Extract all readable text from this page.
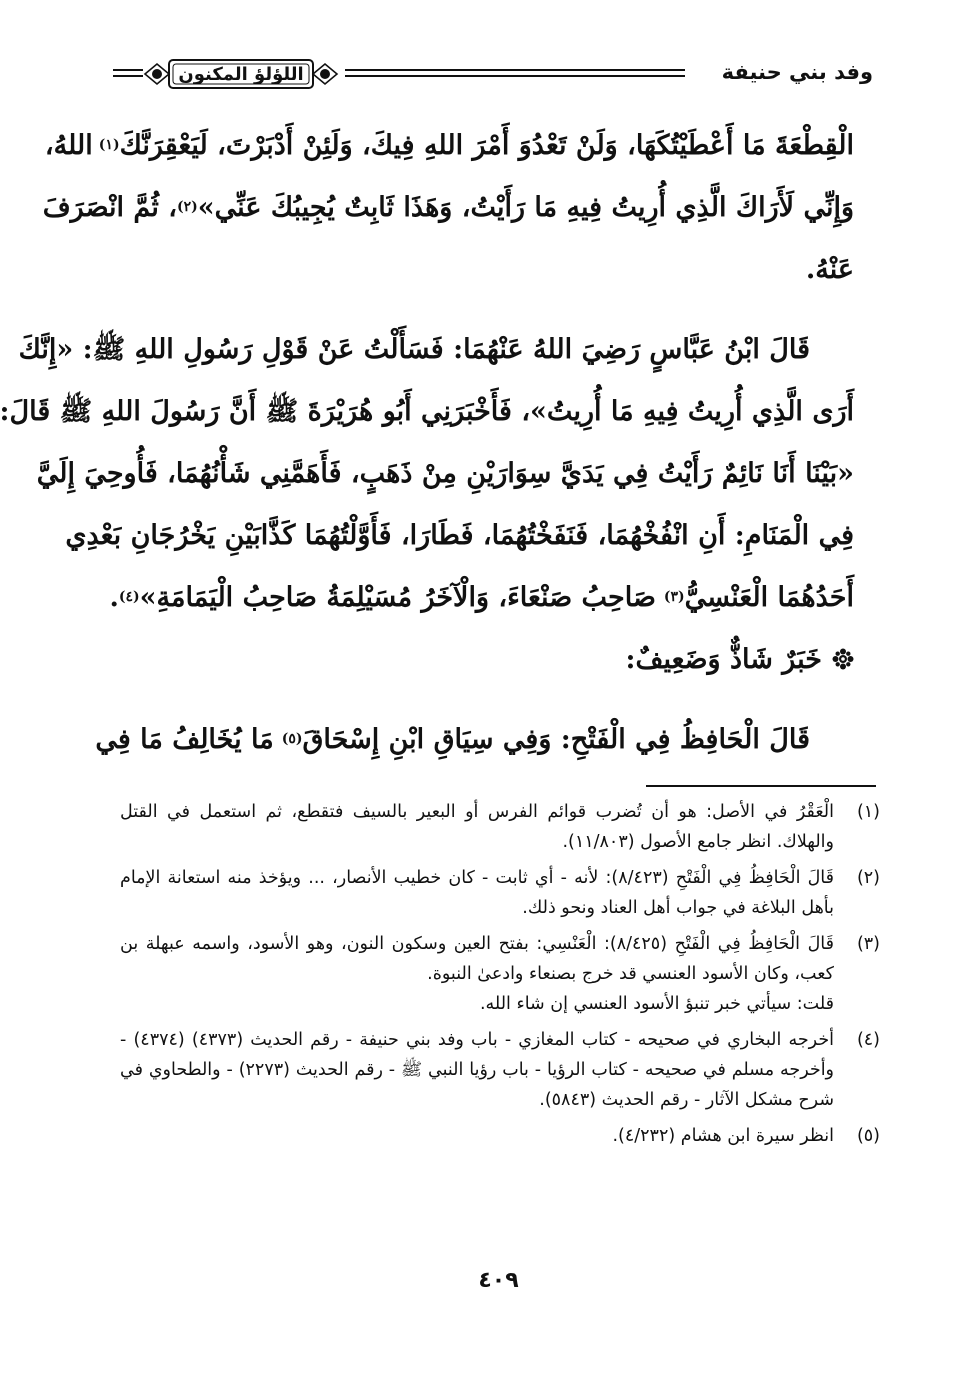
وفد بني حنيفة
اللؤلؤ المكنون
الْقِطْعَةَ مَا أَعْطَيْتُكَهَا، وَلَنْ تَعْدُوَ أَمْرَ اللهِ فِيكَ، وَلَئِنْ أَدْبَرْتَ، لَيَعْقِرَنَّكَ
(١)
اللهُ،
وَإِنِّي لَأَرَاكَ الَّذِي أُرِيتُ فِيهِ مَا رَأَيْتُ، وَهَذَا ثَابِتٌ يُجِيبُكَ عَنِّي»
(٢)
، ثُمَّ انْصَرَفَ
عَنْهُ.
قَالَ ابْنُ عَبَّاسٍ رَضِيَ اللهُ عَنْهُمَا: فَسَأَلْتُ عَنْ قَوْلِ رَسُولِ اللهِ ﷺ: «إِنَّكَ
أَرَى الَّذِي أُرِيتُ فِيهِ مَا أُرِيتُ»، فَأَخْبَرَنِي أَبُو هُرَيْرَةَ ﷺ أَنَّ رَسُولَ اللهِ ﷺ قَالَ:
«بَيْنَا أَنَا نَائِمٌ رَأَيْتُ فِي يَدَيَّ سِوَارَيْنِ مِنْ ذَهَبٍ، فَأَهَمَّنِي شَأْنُهُمَا، فَأُوحِيَ إِلَيَّ
فِي الْمَنَامِ: أَنِ انْفُخْهُمَا، فَنَفَخْتُهُمَا، فَطَارَا، فَأَوَّلْتُهُمَا كَذَّابَيْنِ يَخْرُجَانِ بَعْدِي
أَحَدُهُمَا الْعَنْسِيُّ
(٣)
صَاحِبُ صَنْعَاءَ، وَالْآخَرُ مُسَيْلِمَةُ صَاحِبُ الْيَمَامَةِ»
(٤)
.
خَبَرٌ شَاذٌّ وَضَعِيفٌ:
قَالَ الْحَافِظُ فِي الْفَتْحِ: وَفِي سِيَاقِ ابْنِ إِسْحَاقَ
(٥)
مَا يُخَالِفُ مَا فِي
(١)
الْعَقْرُ في الأصل: هو أن تُضرب قوائم الفرس أو البعير بالسيف فتقطع، ثم استعمل في القتل والهلاك. انظر جامع الأصول (١١/٨٠٣).
(٢)
قَالَ الْحَافِظُ فِي الْفَتْحِ (٨/٤٢٣): لأنه - أي ثابت - كان خطيب الأنصار، ... ويؤخذ منه استعانة الإمام بأهل البلاغة في جواب أهل العناد ونحو ذلك.
(٣)
قَالَ الْحَافِظُ فِي الْفَتْحِ (٨/٤٢٥): الْعَنْسِي: بفتح العين وسكون النون، وهو الأسود، واسمه عبهلة بن كعب، وكان الأسود العنسي قد خرج بصنعاء وادعىٰ النبوة.
قلت: سيأتي خبر تنبؤ الأسود العنسي إن شاء الله.
(٤)
أخرجه البخاري في صحيحه - كتاب المغازي - باب وفد بني حنيفة - رقم الحديث (٤٣٧٣) (٤٣٧٤) - وأخرجه مسلم في صحيحه - كتاب الرؤيا - باب رؤيا النبي ﷺ - رقم الحديث (٢٢٧٣) - والطحاوي في شرح مشكل الآثار - رقم الحديث (٥٨٤٣).
(٥)
انظر سيرة ابن هشام (٤/٢٣٢).
٤٠٩
